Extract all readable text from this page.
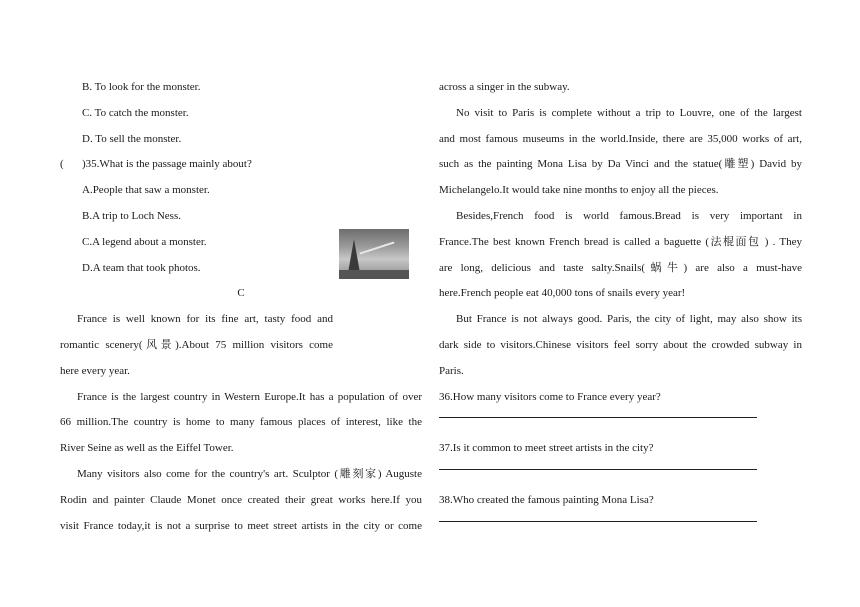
B. To look for the monster.
C. To catch the monster.
D. To sell the monster.
( )35.What is the passage mainly about?
A.People that saw a monster.
B.A trip to Loch Ness.
C.A legend about a monster.
D.A team that took photos.
C
France is well known for its fine art, tasty food and
romantic scenery(风景).About 75 million visitors come
here every year.
France is the largest country in Western Europe.It has a population of over
66 million.The country is home to many famous places of interest, like the
River Seine as well as the Eiffel Tower.
Many visitors also come for the country's art. Sculptor (雕刻家) Auguste
Rodin and painter Claude Monet once created their great works here.If you
visit France today,it is not a surprise to meet street artists in the city or come
across a singer in the subway.
No visit to Paris is complete without a trip to Louvre, one of the largest
and most famous museums in the world.Inside, there are 35,000 works of art,
such as the painting Mona Lisa by Da Vinci and the statue(雕塑) David by
Michelangelo.It would take nine months to enjoy all the pieces.
Besides,French food is world famous.Bread is very important in
France.The best known French bread is called a baguette (法棍面包 ) . They
are long, delicious and taste salty.Snails(蜗牛) are also a must-have
here.French people eat 40,000 tons of snails every year!
But France is not always good. Paris, the city of light, may also show its
dark side to visitors.Chinese visitors feel sorry about the crowded subway in
Paris.
36.How many visitors come to France every year?
37.Is it common to meet street artists in the city?
38.Who created the famous painting Mona Lisa?
